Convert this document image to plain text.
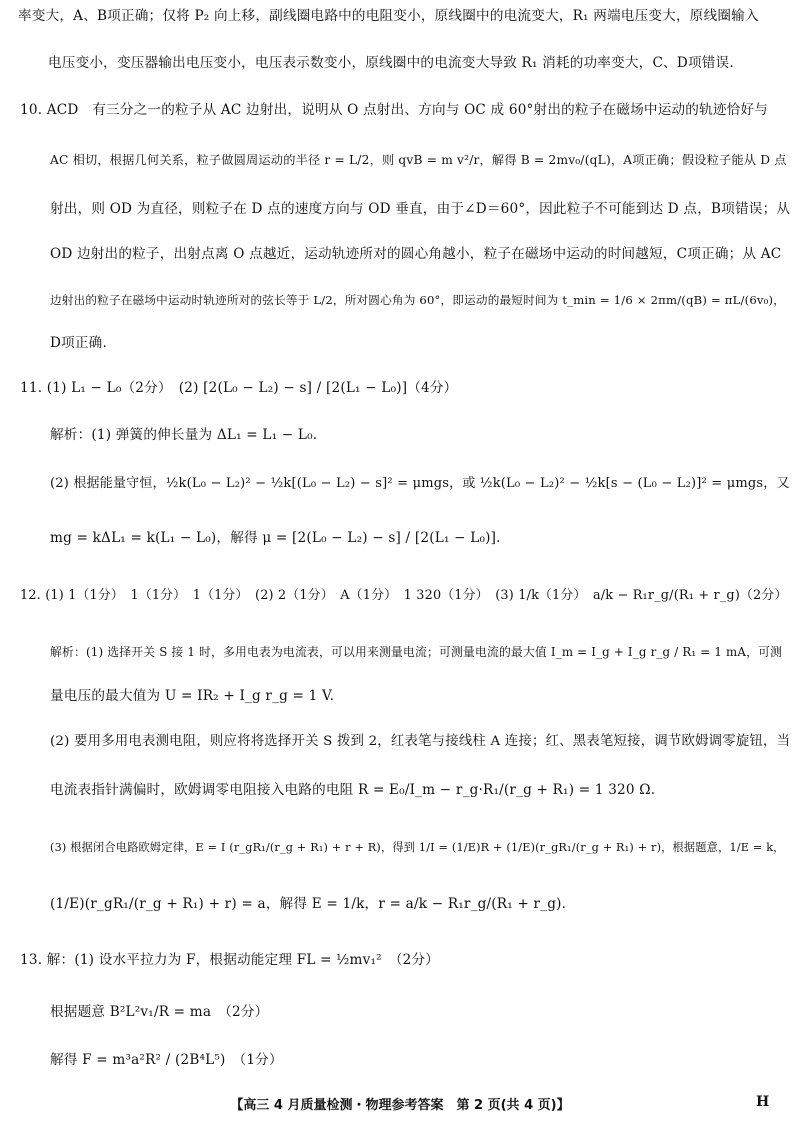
率变大，A、B项正确；仅将 P₂ 向上移，副线圈电路中的电阻变小，原线圈中的电流变大，R₁ 两端电压变大，原线圈输入
电压变小，变压器输出电压变小，电压表示数变小，原线圈中的电流变大导致 R₁ 消耗的功率变大，C、D项错误.
10. ACD　有三分之一的粒子从 AC 边射出，说明从 O 点射出、方向与 OC 成 60°射出的粒子在磁场中运动的轨迹恰好与
AC 相切，根据几何关系，粒子做圆周运动的半径 r = L/2，则 qvB = m v²/r，解得 B = 2mv₀/(qL)，A项正确；假设粒子能从 D 点
射出，则 OD 为直径，则粒子在 D 点的速度方向与 OD 垂直，由于∠D＝60°，因此粒子不可能到达 D 点，B项错误；从
OD 边射出的粒子，出射点离 O 点越近，运动轨迹所对的圆心角越小，粒子在磁场中运动的时间越短，C项正确；从 AC
边射出的粒子在磁场中运动时轨迹所对的弦长等于 L/2，所对圆心角为 60°，即运动的最短时间为 t_min = 1/6 × 2πm/(qB) = πL/(6v₀)，
D项正确.
11. (1) L₁ − L₀（2分）　(2) [2(L₀ − L₂) − s] / [2(L₁ − L₀)]（4分）
解析：(1) 弹簧的伸长量为 ΔL₁ = L₁ − L₀.
(2) 根据能量守恒，½k(L₀ − L₂)² − ½k[(L₀ − L₂) − s]² = μmgs，或 ½k(L₀ − L₂)² − ½k[s − (L₀ − L₂)]² = μmgs，又
mg = kΔL₁ = k(L₁ − L₀)，解得 μ = [2(L₀ − L₂) − s] / [2(L₁ − L₀)].
12. (1) 1（1分）　1（1分）　1（1分）　(2) 2（1分）　A（1分）　1 320（1分）　(3) 1/k（1分）　a/k − R₁r_g/(R₁ + r_g)（2分）
解析：(1) 选择开关 S 接 1 时，多用电表为电流表，可以用来测量电流；可测量电流的最大值 I_m = I_g + I_g r_g / R₁ = 1 mA，可测
量电压的最大值为 U = IR₂ + I_g r_g = 1 V.
(2) 要用多用电表测电阻，则应将将选择开关 S 拨到 2，红表笔与接线柱 A 连接；红、黑表笔短接，调节欧姆调零旋钮，当
电流表指针满偏时，欧姆调零电阻接入电路的电阻 R = E₀/I_m − r_g·R₁/(r_g + R₁) = 1 320 Ω.
(3) 根据闭合电路欧姆定律，E = I (r_gR₁/(r_g + R₁) + r + R)，得到 1/I = (1/E)R + (1/E)(r_gR₁/(r_g + R₁) + r)，根据题意，1/E = k，
(1/E)(r_gR₁/(r_g + R₁) + r) = a，解得 E = 1/k，r = a/k − R₁r_g/(R₁ + r_g).
13. 解：(1) 设水平拉力为 F，根据动能定理 FL = ½mv₁²　（2分）
根据题意 B²L²v₁/R = ma　（2分）
解得 F = m³a²R² / (2B⁴L⁵)　（1分）
【高三 4 月质量检测・物理参考答案　第 2 页(共 4 页)】	H
